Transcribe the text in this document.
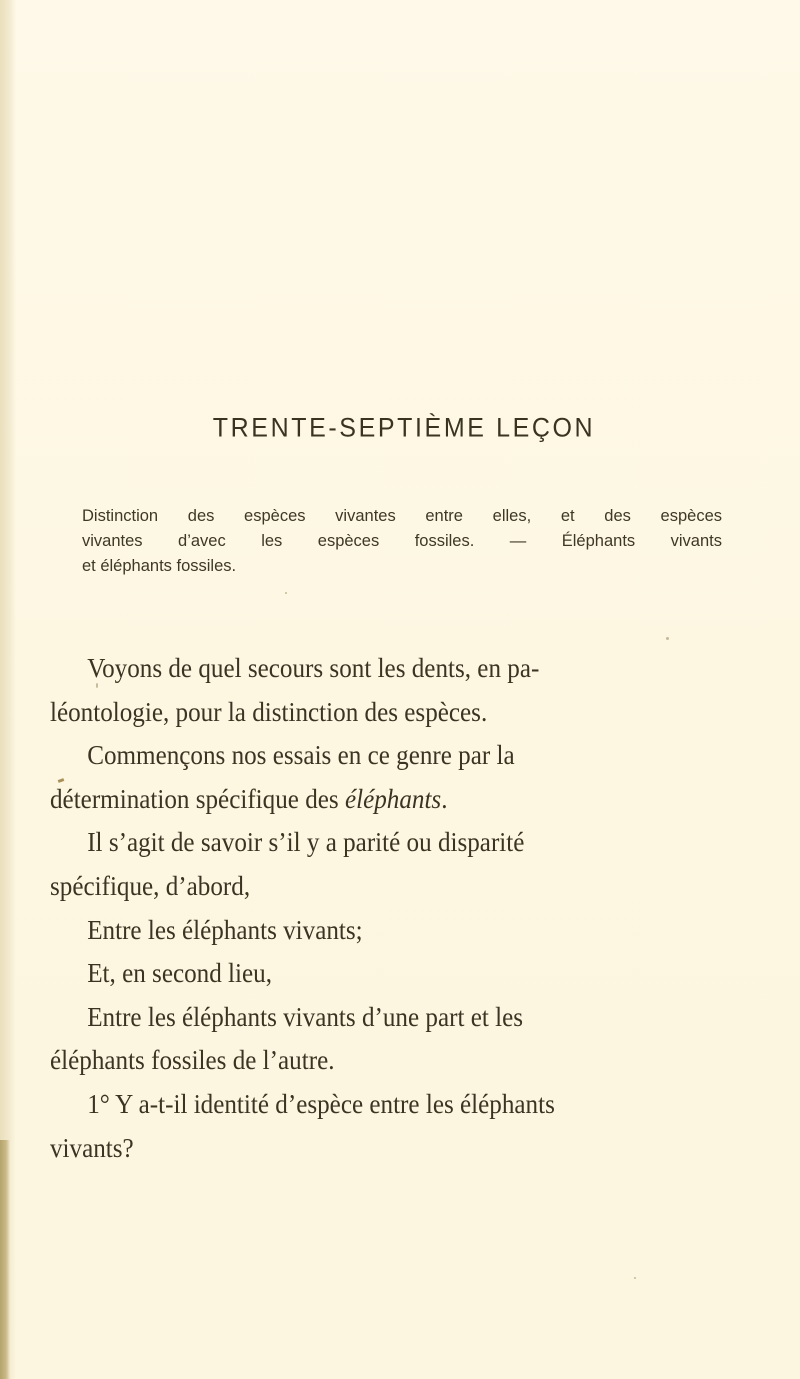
TRENTE-SEPTIÈME LEÇON
Distinction des espèces vivantes entre elles, et des espèces
vivantes d’avec les espèces fossiles. — Éléphants vivants
et éléphants fossiles.
Voyons de quel secours sont les dents, en pa-
léontologie, pour la distinction des espèces.
Commençons nos essais en ce genre par la
détermination spécifique des éléphants.
Il s’agit de savoir s’il y a parité ou disparité
spécifique, d’abord,
Entre les éléphants vivants;
Et, en second lieu,
Entre les éléphants vivants d’une part et les
éléphants fossiles de l’autre.
1° Y a-t-il identité d’espèce entre les éléphants
vivants?
